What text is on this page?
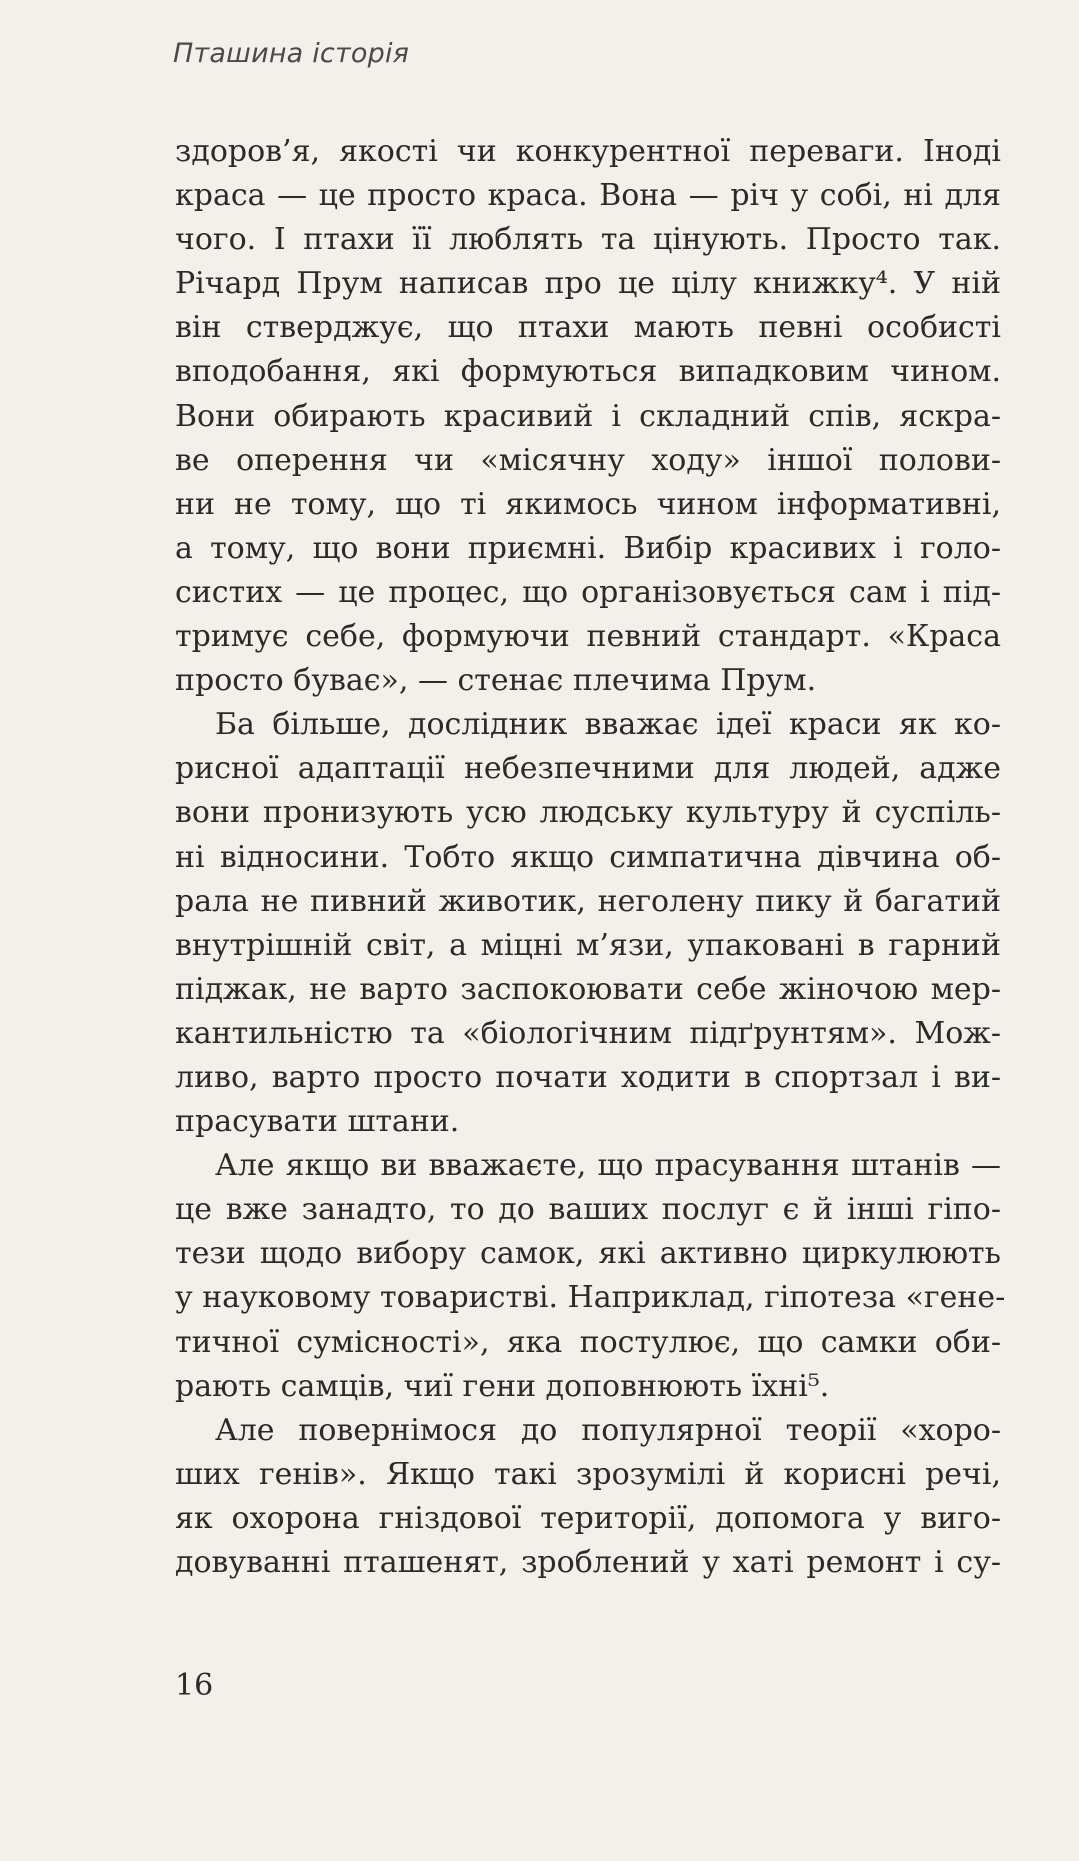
Пташина історія
здоров’я, якості чи конкурентної переваги. Іноді
краса — це просто краса. Вона — річ у собі, ні для
чого. І птахи її люблять та цінують. Просто так.
Річард Прум написав про це цілу книжку⁴. У ній
він стверджує, що птахи мають певні особисті
вподобання, які формуються випадковим чином.
Вони обирають красивий і складний спів, яскра-
ве оперення чи «місячну ходу» іншої полови-
ни не тому, що ті якимось чином інформативні,
а тому, що вони приємні. Вибір красивих і голо-
систих — це процес, що організовується сам і під-
тримує себе, формуючи певний стандарт. «Краса
просто буває», — стенає плечима Прум.
Ба більше, дослідник вважає ідеї краси як ко-
рисної адаптації небезпечними для людей, адже
вони пронизують усю людську культуру й суспіль-
ні відносини. Тобто якщо симпатична дівчина об-
рала не пивний животик, неголену пику й багатий
внутрішній світ, а міцні м’язи, упаковані в гарний
піджак, не варто заспокоювати себе жіночою мер-
кантильністю та «біологічним підґрунтям». Мож-
ливо, варто просто почати ходити в спортзал і ви-
прасувати штани.
Але якщо ви вважаєте, що прасування штанів —
це вже занадто, то до ваших послуг є й інші гіпо-
тези щодо вибору самок, які активно циркулюють
у науковому товаристві. Наприклад, гіпотеза «гене-
тичної сумісності», яка постулює, що самки оби-
рають самців, чиї гени доповнюють їхні⁵.
Але повернімося до популярної теорії «хоро-
ших генів». Якщо такі зрозумілі й корисні речі,
як охорона гніздової території, допомога у виго-
довуванні пташенят, зроблений у хаті ремонт і су-
16
